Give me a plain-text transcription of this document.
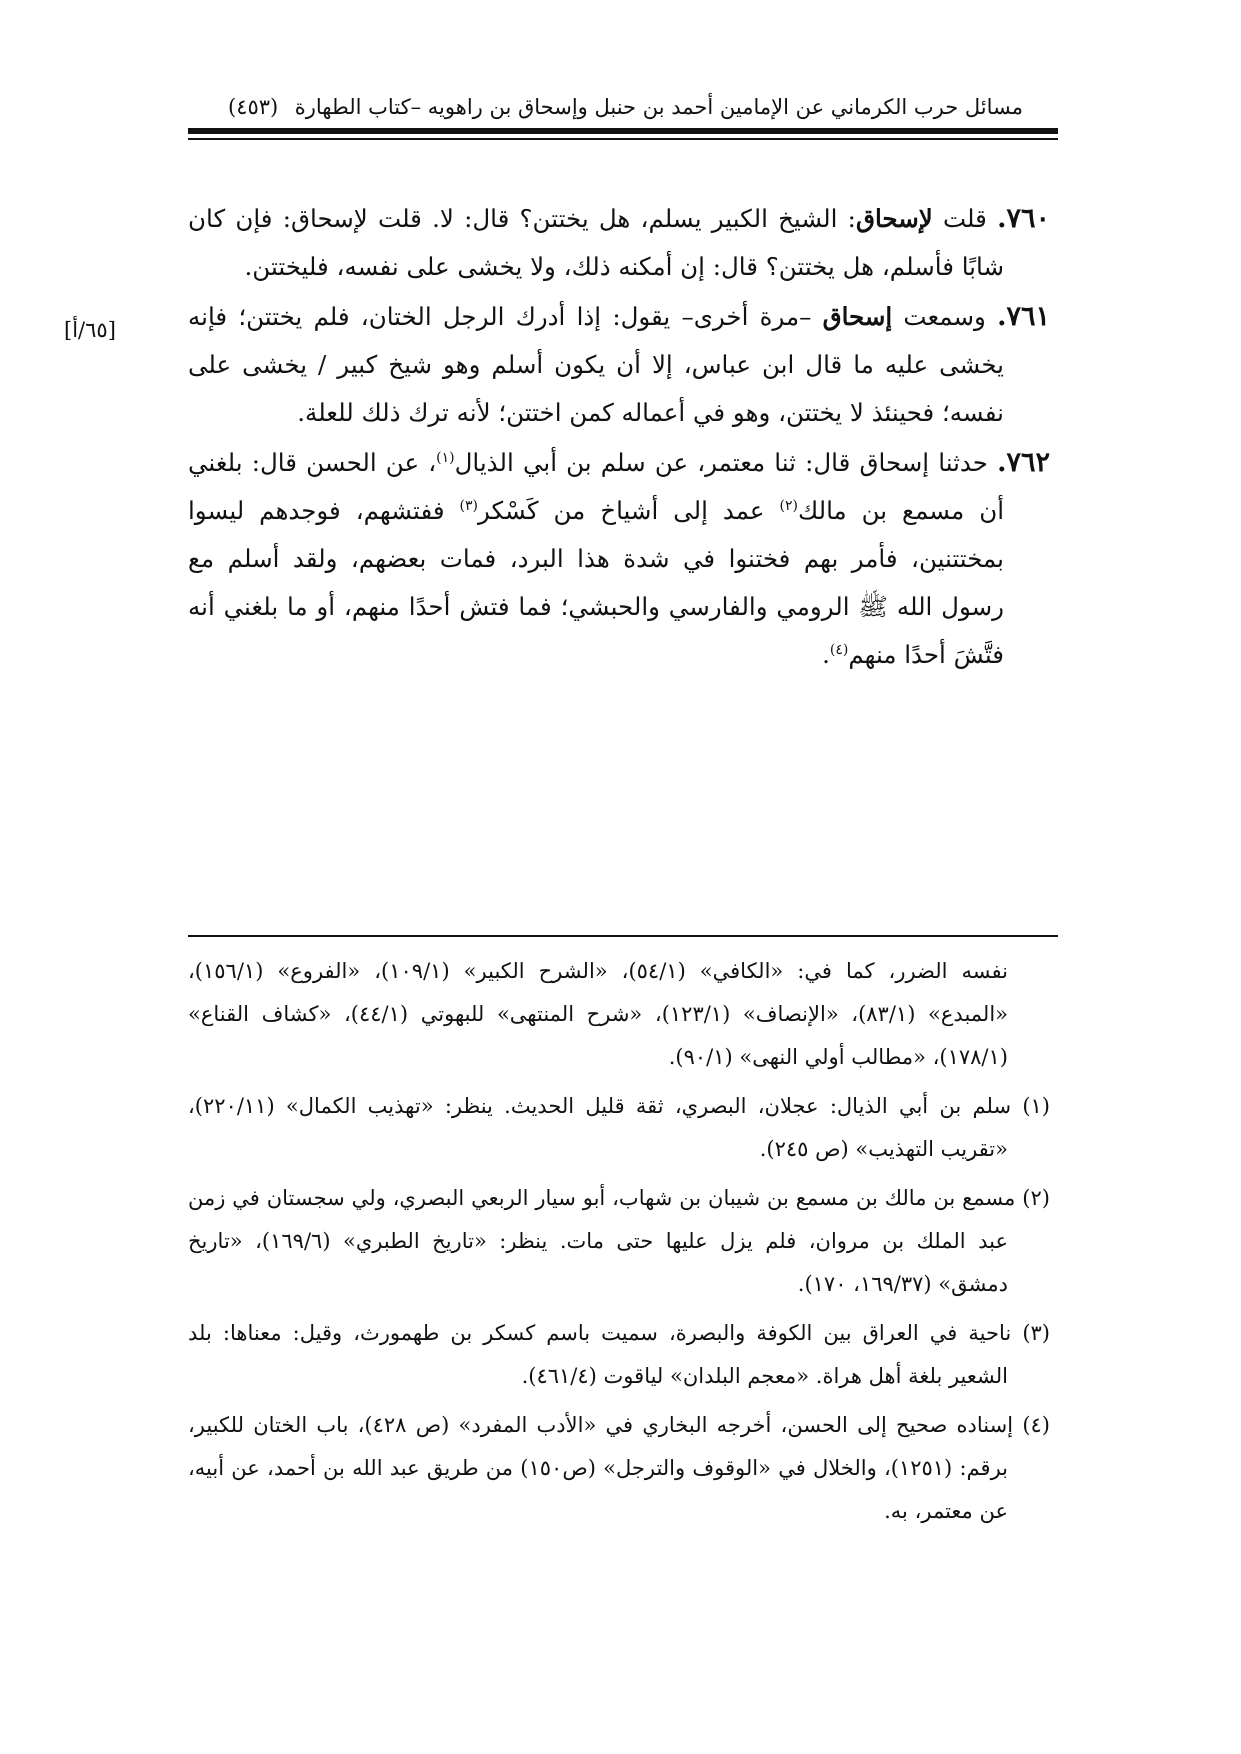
مسائل حرب الكرماني عن الإمامين أحمد بن حنبل وإسحاق بن راهويه –كتاب الطهارة
(٤٥٣)
[٦٥/أ]

٧٦٠. قلت لإسحاق: الشيخ الكبير يسلم، هل يختتن؟ قال: لا. قلت لإسحاق: فإن كان شابًا فأسلم، هل يختتن؟ قال: إن أمكنه ذلك، ولا يخشى على نفسه، فليختتن.

٧٦١. وسمعت إسحاق –مرة أخرى– يقول: إذا أدرك الرجل الختان، فلم يختتن؛ فإنه يخشى عليه ما قال ابن عباس، إلا أن يكون أسلم وهو شيخ كبير / يخشى على نفسه؛ فحينئذ لا يختتن، وهو في أعماله كمن اختتن؛ لأنه ترك ذلك للعلة.

٧٦٢. حدثنا إسحاق قال: ثنا معتمر، عن سلم بن أبي الذيال$^{(١)}$، عن الحسن قال: بلغني أن مسمع بن مالك$^{(٢)}$ عمد إلى أشياخ من كَسْكر$^{(٣)}$ ففتشهم، فوجدهم ليسوا بمختتنين، فأمر بهم فختنوا في شدة هذا البرد، فمات بعضهم، ولقد أسلم مع رسول الله ﷺ الرومي والفارسي والحبشي؛ فما فتش أحدًا منهم، أو ما بلغني أنه فتَّشَ أحدًا منهم$^{(٤)}$.

نفسه الضرر، كما في: «الكافي» (٥٤/١)، «الشرح الكبير» (١٠٩/١)، «الفروع» (١٥٦/١)، «المبدع» (٨٣/١)، «الإنصاف» (١٢٣/١)، «شرح المنتهى» للبهوتي (٤٤/١)، «كشاف القناع» (١٧٨/١)، «مطالب أولي النهى» (٩٠/١).

(١) سلم بن أبي الذيال: عجلان، البصري، ثقة قليل الحديث. ينظر: «تهذيب الكمال» (٢٢٠/١١)، «تقريب التهذيب» (ص ٢٤٥).

(٢) مسمع بن مالك بن مسمع بن شيبان بن شهاب، أبو سيار الربعي البصري، ولي سجستان في زمن عبد الملك بن مروان، فلم يزل عليها حتى مات. ينظر: «تاريخ الطبري» (١٦٩/٦)، «تاريخ دمشق» (١٦٩/٣٧، ١٧٠).

(٣) ناحية في العراق بين الكوفة والبصرة، سميت باسم كسكر بن طهمورث، وقيل: معناها: بلد الشعير بلغة أهل هراة. «معجم البلدان» لياقوت (٤٦١/٤).

(٤) إسناده صحيح إلى الحسن، أخرجه البخاري في «الأدب المفرد» (ص ٤٢٨)، باب الختان للكبير، برقم: (١٢٥١)، والخلال في «الوقوف والترجل» (ص١٥٠) من طريق عبد الله بن أحمد، عن أبيه، عن معتمر، به.
